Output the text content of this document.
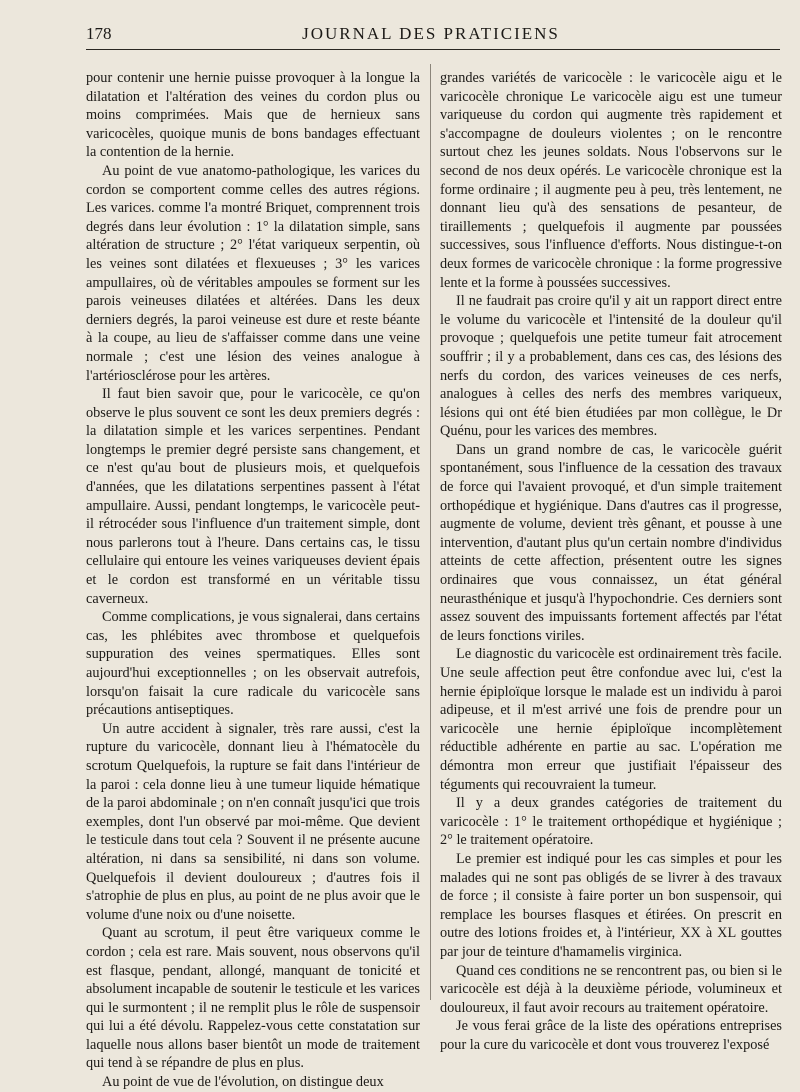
178	JOURNAL DES PRATICIENS

pour contenir une hernie puisse provoquer à la longue la dilatation et l'altération des veines du cordon plus ou moins comprimées. Mais que de hernieux sans varicocèles, quoique munis de bons bandages effectuant la contention de la hernie.

Au point de vue anatomo-pathologique, les varices du cordon se comportent comme celles des autres régions. Les varices. comme l'a montré Briquet, comprennent trois degrés dans leur évolution : 1° la dilatation simple, sans altération de structure ; 2° l'état variqueux serpentin, où les veines sont dilatées et flexueuses ; 3° les varices ampullaires, où de véritables ampoules se forment sur les parois veineuses dilatées et altérées. Dans les deux derniers degrés, la paroi veineuse est dure et reste béante à la coupe, au lieu de s'affaisser comme dans une veine normale ; c'est une lésion des veines analogue à l'artériosclérose pour les artères.

Il faut bien savoir que, pour le varicocèle, ce qu'on observe le plus souvent ce sont les deux premiers degrés : la dilatation simple et les varices serpentines. Pendant longtemps le premier degré persiste sans changement, et ce n'est qu'au bout de plusieurs mois, et quelquefois d'années, que les dilatations serpentines passent à l'état ampullaire. Aussi, pendant longtemps, le varicocèle peut-il rétrocéder sous l'influence d'un traitement simple, dont nous parlerons tout à l'heure. Dans certains cas, le tissu cellulaire qui entoure les veines variqueuses devient épais et le cordon est transformé en un véritable tissu caverneux.

Comme complications, je vous signalerai, dans certains cas, les phlébites avec thrombose et quelquefois suppuration des veines spermatiques. Elles sont aujourd'hui exceptionnelles ; on les observait autrefois, lorsqu'on faisait la cure radicale du varicocèle sans précautions antiseptiques.

Un autre accident à signaler, très rare aussi, c'est la rupture du varicocèle, donnant lieu à l'hématocèle du scrotum Quelquefois, la rupture se fait dans l'intérieur de la paroi : cela donne lieu à une tumeur liquide hématique de la paroi abdominale ; on n'en connaît jusqu'ici que trois exemples, dont l'un observé par moi-même. Que devient le testicule dans tout cela ? Souvent il ne présente aucune altération, ni dans sa sensibilité, ni dans son volume. Quelquefois il devient douloureux ; d'autres fois il s'atrophie de plus en plus, au point de ne plus avoir que le volume d'une noix ou d'une noisette.

Quant au scrotum, il peut être variqueux comme le cordon ; cela est rare. Mais souvent, nous observons qu'il est flasque, pendant, allongé, manquant de tonicité et absolument incapable de soutenir le testicule et les varices qui le surmontent ; il ne remplit plus le rôle de suspensoir qui lui a été dévolu. Rappelez-vous cette constatation sur laquelle nous allons baser bientôt un mode de traitement qui tend à se répandre de plus en plus.

Au point de vue de l'évolution, on distingue deux

grandes variétés de varicocèle : le varicocèle aigu et le varicocèle chronique Le varicocèle aigu est une tumeur variqueuse du cordon qui augmente très rapidement et s'accompagne de douleurs violentes ; on le rencontre surtout chez les jeunes soldats. Nous l'observons sur le second de nos deux opérés. Le varicocèle chronique est la forme ordinaire ; il augmente peu à peu, très lentement, ne donnant lieu qu'à des sensations de pesanteur, de tiraillements ; quelquefois il augmente par poussées successives, sous l'influence d'efforts. Nous distingue-t-on deux formes de varicocèle chronique : la forme progressive lente et la forme à poussées successives.

Il ne faudrait pas croire qu'il y ait un rapport direct entre le volume du varicocèle et l'intensité de la douleur qu'il provoque ; quelquefois une petite tumeur fait atrocement souffrir ; il y a probablement, dans ces cas, des lésions des nerfs du cordon, des varices veineuses de ces nerfs, analogues à celles des nerfs des membres variqueux, lésions qui ont été bien étudiées par mon collègue, le Dr Quénu, pour les varices des membres.

Dans un grand nombre de cas, le varicocèle guérit spontanément, sous l'influence de la cessation des travaux de force qui l'avaient provoqué, et d'un simple traitement orthopédique et hygiénique. Dans d'autres cas il progresse, augmente de volume, devient très gênant, et pousse à une intervention, d'autant plus qu'un certain nombre d'individus atteints de cette affection, présentent outre les signes ordinaires que vous connaissez, un état général neurasthénique et jusqu'à l'hypochondrie. Ces derniers sont assez souvent des impuissants fortement affectés par l'état de leurs fonctions viriles.

Le diagnostic du varicocèle est ordinairement très facile. Une seule affection peut être confondue avec lui, c'est la hernie épiploïque lorsque le malade est un individu à paroi adipeuse, et il m'est arrivé une fois de prendre pour un varicocèle une hernie épiploïque incomplètement réductible adhérente en partie au sac. L'opération me démontra mon erreur que justifiait l'épaisseur des téguments qui recouvraient la tumeur.

Il y a deux grandes catégories de traitement du varicocèle : 1° le traitement orthopédique et hygiénique ; 2° le traitement opératoire.

Le premier est indiqué pour les cas simples et pour les malades qui ne sont pas obligés de se livrer à des travaux de force ; il consiste à faire porter un bon suspensoir, qui remplace les bourses flasques et étirées. On prescrit en outre des lotions froides et, à l'intérieur, XX à XL gouttes par jour de teinture d'hamamelis virginica.

Quand ces conditions ne se rencontrent pas, ou bien si le varicocèle est déjà à la deuxième période, volumineux et douloureux, il faut avoir recours au traitement opératoire.

Je vous ferai grâce de la liste des opérations entreprises pour la cure du varicocèle et dont vous trouverez l'exposé
